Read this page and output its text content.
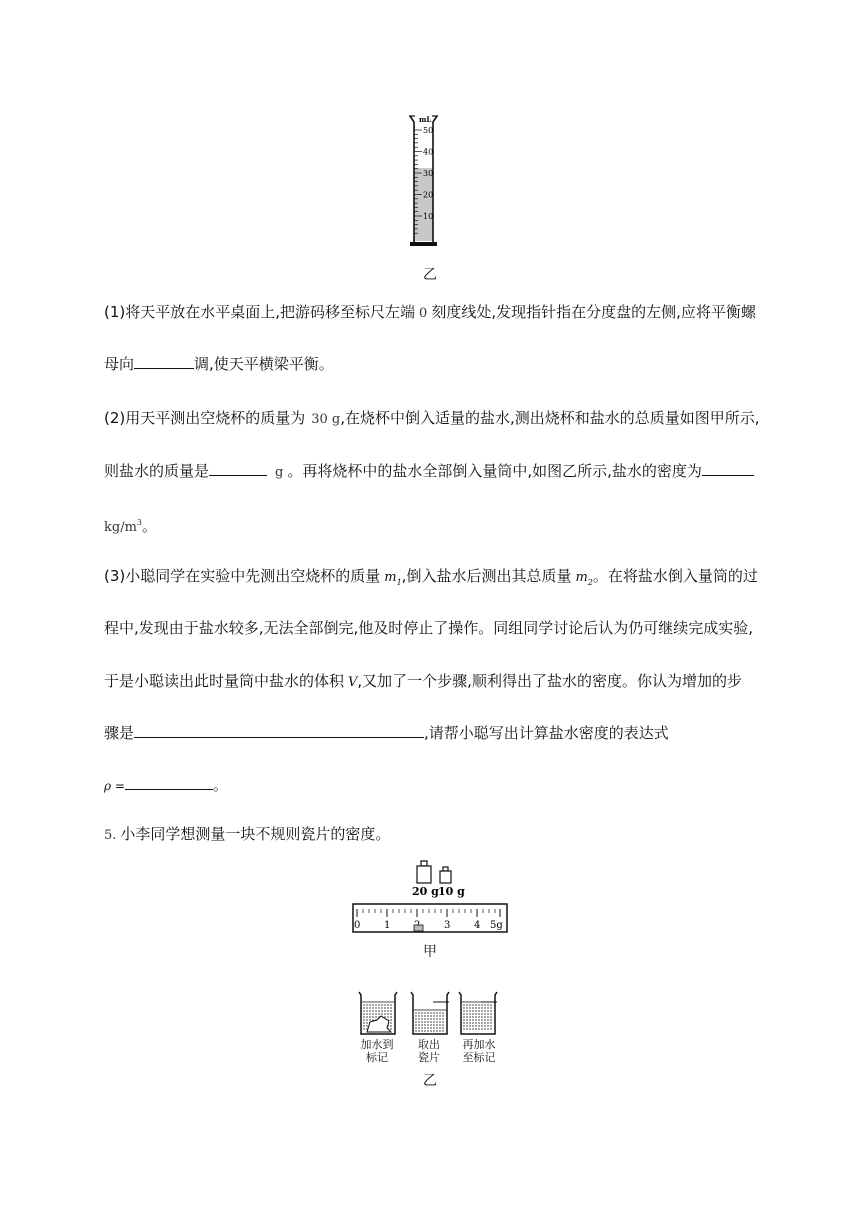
mL
50
40
30
20
10
乙
(1)将天平放在水平桌面上,把游码移至标尺左端 0 刻度线处,发现指针指在分度盘的左侧,应将平衡螺
母向	调,使天平横梁平衡。
(2)用天平测出空烧杯的质量为 30 g,在烧杯中倒入适量的盐水,测出烧杯和盐水的总质量如图甲所示,
则盐水的质量是	g 。再将烧杯中的盐水全部倒入量筒中,如图乙所示,盐水的密度为
$kg/m^3$。
(3)小聪同学在实验中先测出空烧杯的质量 $m_1$,倒入盐水后测出其总质量 $m_2$。在将盐水倒入量筒的过
程中,发现由于盐水较多,无法全部倒完,他及时停止了操作。同组同学讨论后认为仍可继续完成实验,
于是小聪读出此时量筒中盐水的体积 V,又加了一个步骤,顺利得出了盐水的密度。你认为增加的步
骤是	,请帮小聪写出计算盐水密度的表达式
ρ =	。
5. 小李同学想测量一块不规则瓷片的密度。
20 g 10 g
0 1	3 4 5g
甲
加水到
标记
取出
瓷片
再加水
至标记
乙
